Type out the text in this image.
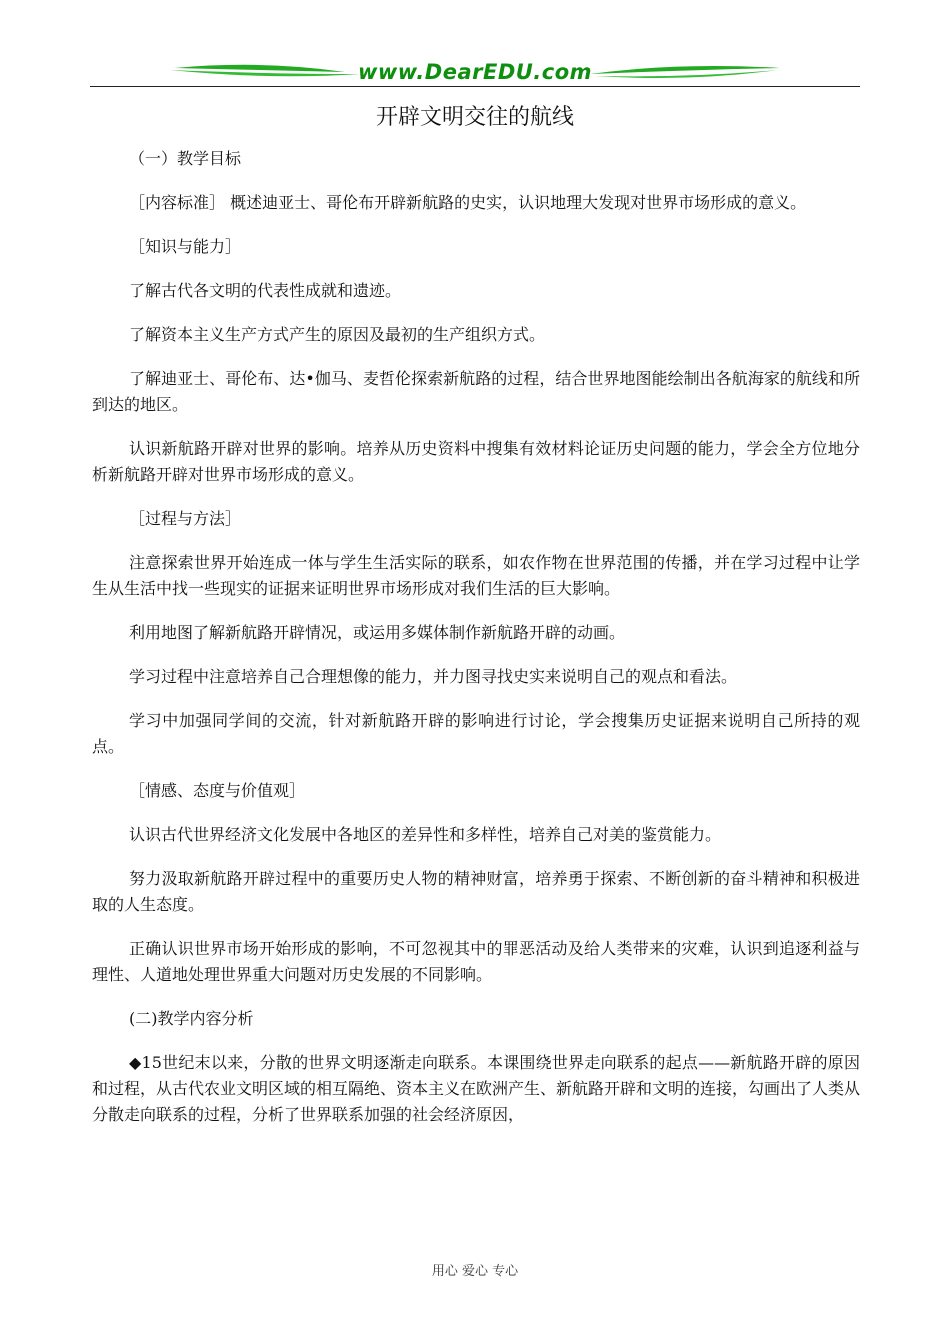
www.DearEDU.com
开辟文明交往的航线

（一）教学目标

［内容标准］ 概述迪亚士、哥伦布开辟新航路的史实，认识地理大发现对世界市场形成的意义。

［知识与能力］

了解古代各文明的代表性成就和遗迹。

了解资本主义生产方式产生的原因及最初的生产组织方式。

了解迪亚士、哥伦布、达•伽马、麦哲伦探索新航路的过程，结合世界地图能绘制出各航海家的航线和所到达的地区。

认识新航路开辟对世界的影响。培养从历史资料中搜集有效材料论证历史问题的能力，学会全方位地分析新航路开辟对世界市场形成的意义。

［过程与方法］

注意探索世界开始连成一体与学生生活实际的联系，如农作物在世界范围的传播，并在学习过程中让学生从生活中找一些现实的证据来证明世界市场形成对我们生活的巨大影响。

利用地图了解新航路开辟情况，或运用多媒体制作新航路开辟的动画。

学习过程中注意培养自己合理想像的能力，并力图寻找史实来说明自己的观点和看法。

学习中加强同学间的交流，针对新航路开辟的影响进行讨论，学会搜集历史证据来说明自己所持的观点。

［情感、态度与价值观］

认识古代世界经济文化发展中各地区的差异性和多样性，培养自己对美的鉴赏能力。

努力汲取新航路开辟过程中的重要历史人物的精神财富，培养勇于探索、不断创新的奋斗精神和积极进取的人生态度。

正确认识世界市场开始形成的影响，不可忽视其中的罪恶活动及给人类带来的灾难，认识到追逐利益与理性、人道地处理世界重大问题对历史发展的不同影响。

(二)教学内容分析

◆15世纪末以来，分散的世界文明逐渐走向联系。本课围绕世界走向联系的起点——新航路开辟的原因和过程，从古代农业文明区域的相互隔绝、资本主义在欧洲产生、新航路开辟和文明的连接，勾画出了人类从分散走向联系的过程，分析了世界联系加强的社会经济原因，

用心 爱心 专心
